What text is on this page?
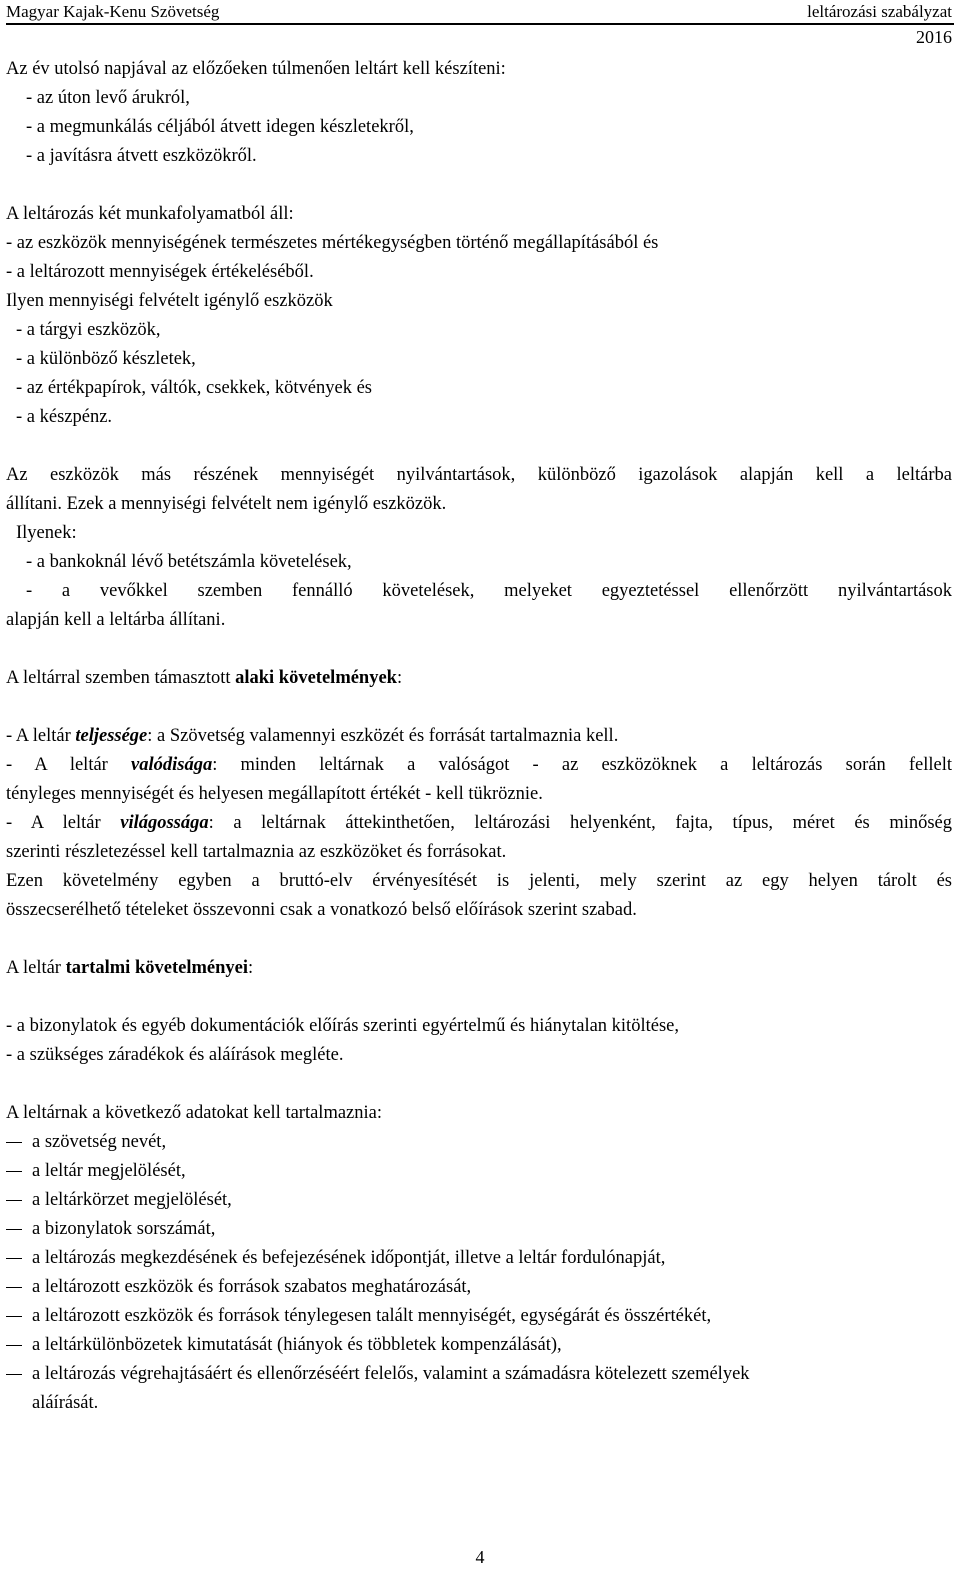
Magyar Kajak-Kenu Szövetség	leltározási szabályzat
2016
Az év utolsó napjával az előzőeken túlmenően leltárt kell készíteni:
- az úton levő árukról,
- a megmunkálás céljából átvett idegen készletekről,
- a javításra átvett eszközökről.
A leltározás két munkafolyamatból áll:
- az eszközök mennyiségének természetes mértékegységben történő megállapításából és
- a leltározott mennyiségek értékeléséből.
Ilyen mennyiségi felvételt igénylő eszközök
- a tárgyi eszközök,
- a különböző készletek,
- az értékpapírok, váltók, csekkek, kötvények és
- a készpénz.
Az eszközök más részének mennyiségét nyilvántartások, különböző igazolások alapján kell a leltárba
állítani. Ezek a mennyiségi felvételt nem igénylő eszközök.
Ilyenek:
- a bankoknál lévő betétszámla követelések,
- a vevőkkel szemben fennálló követelések, melyeket egyeztetéssel ellenőrzött nyilvántartások
alapján kell a leltárba állítani.
A leltárral szemben támasztott alaki követelmények:
- A leltár teljessége: a Szövetség valamennyi eszközét és forrását tartalmaznia kell.
- A leltár valódisága: minden leltárnak a valóságot - az eszközöknek a leltározás során fellelt
tényleges mennyiségét és helyesen megállapított értékét - kell tükröznie.
- A leltár világossága: a leltárnak áttekinthetően, leltározási helyenként, fajta, típus, méret és minőség
szerinti részletezéssel kell tartalmaznia az eszközöket és forrásokat.
Ezen követelmény egyben a bruttó-elv érvényesítését is jelenti, mely szerint az egy helyen tárolt és
összecserélhető tételeket összevonni csak a vonatkozó belső előírások szerint szabad.
A leltár tartalmi követelményei:
- a bizonylatok és egyéb dokumentációk előírás szerinti egyértelmű és hiánytalan kitöltése,
- a szükséges záradékok és aláírások megléte.
A leltárnak a következő adatokat kell tartalmaznia:
a szövetség nevét,
a leltár megjelölését,
a leltárkörzet megjelölését,
a bizonylatok sorszámát,
a leltározás megkezdésének és befejezésének időpontját, illetve a leltár fordulónapját,
a leltározott eszközök és források szabatos meghatározását,
a leltározott eszközök és források ténylegesen talált mennyiségét, egységárát és összértékét,
a leltárkülönbözetek kimutatását (hiányok és többletek kompenzálását),
a leltározás végrehajtásáért és ellenőrzéséért felelős, valamint a számadásra kötelezett személyek
aláírását.
4
